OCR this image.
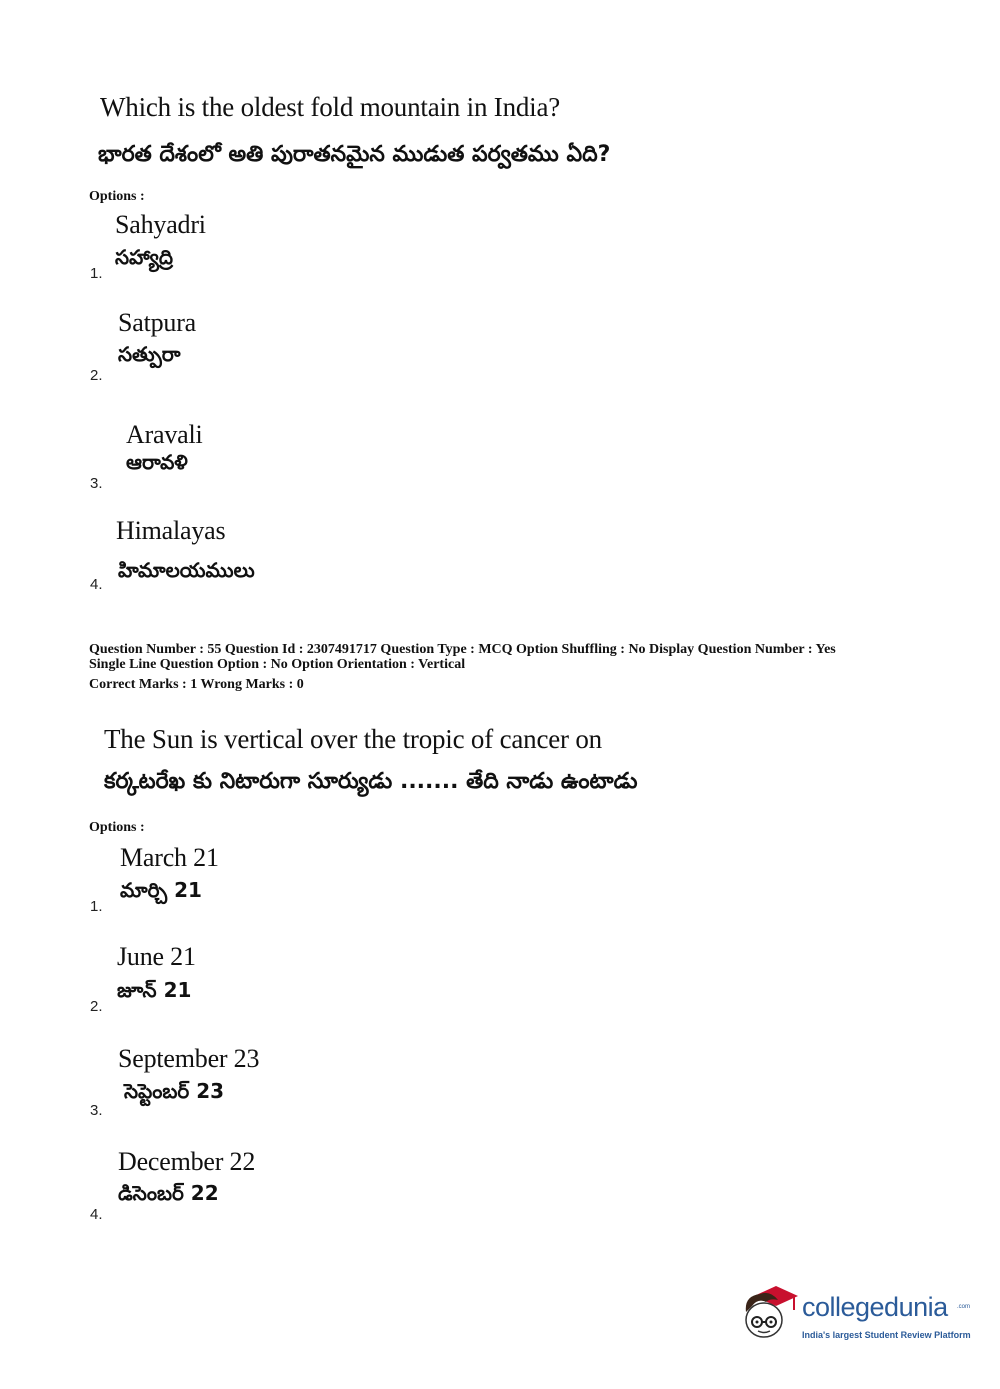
Which is the oldest fold mountain in India?
భారత దేశంలో అతి పురాతనమైన ముడుత పర్వతము ఏది?
Options :
Sahyadri
సహ్యాద్రి
1.
Satpura
సత్పురా
2.
Aravali
ఆరావళి
3.
Himalayas
హిమాలయములు
4.
Question Number : 55 Question Id : 2307491717 Question Type : MCQ Option Shuffling : No Display Question Number : Yes
Single Line Question Option : No Option Orientation : Vertical
Correct Marks : 1 Wrong Marks : 0
The Sun is vertical over the tropic of cancer on
కర్కటరేఖ కు నిటారుగా సూర్యుడు ....... తేది నాడు ఉంటాడు
Options :
March 21
మార్చి 21
1.
June 21
జూన్ 21
2.
September 23
సెప్టెంబర్ 23
3.
December 22
డిసెంబర్ 22
4.
collegedunia .com
India's largest Student Review Platform
